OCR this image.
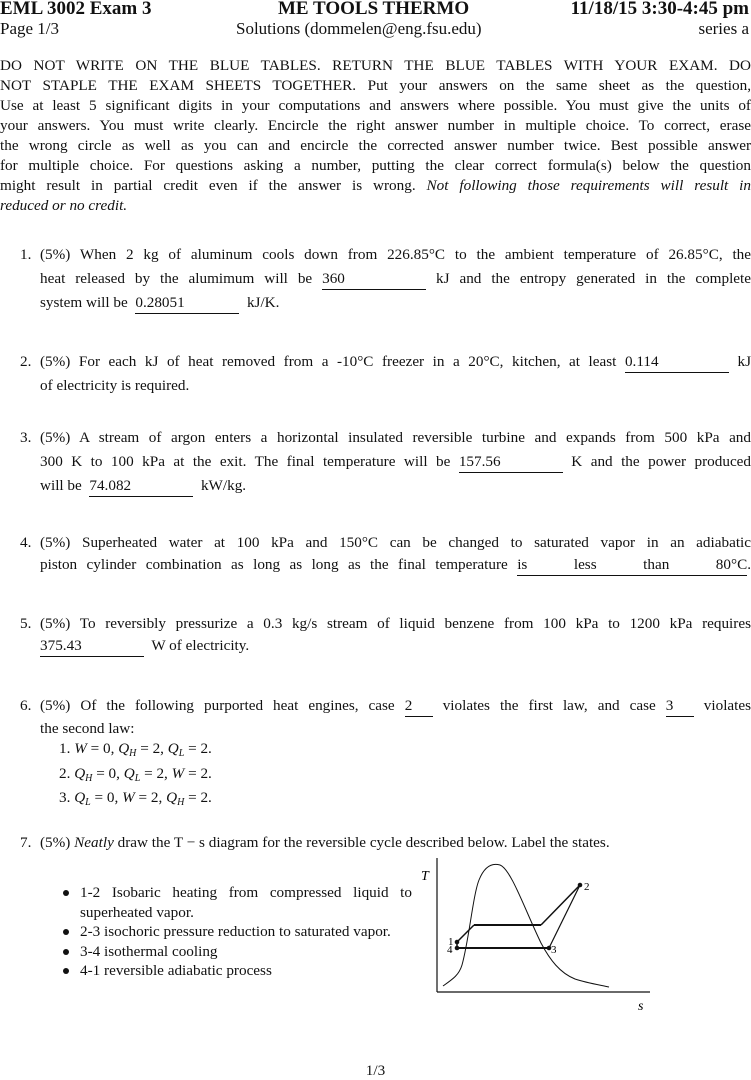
EML 3002 Exam 3	ME TOOLS THERMO	11/18/15 3:30-4:45 pm
Page 1/3	Solutions (dommelen@eng.fsu.edu)	series a
DO NOT WRITE ON THE BLUE TABLES. RETURN THE BLUE TABLES WITH YOUR EXAM. DO
NOT STAPLE THE EXAM SHEETS TOGETHER. Put your answers on the same sheet as the question,
Use at least 5 significant digits in your computations and answers where possible. You must give the units of
your answers. You must write clearly. Encircle the right answer number in multiple choice. To correct, erase
the wrong circle as well as you can and encircle the corrected answer number twice. Best possible answer
for multiple choice. For questions asking a number, putting the clear correct formula(s) below the question
might result in partial credit even if the answer is wrong. Not following those requirements will result in
reduced or no credit.
1. (5%) When 2 kg of aluminum cools down from 226.85°C to the ambient temperature of 26.85°C, the
heat released by the alumimum will be 360	kJ and the entropy generated in the complete
system will be 0.28051	kJ/K.
2. (5%) For each kJ of heat removed from a -10°C freezer in a 20°C, kitchen, at least 0.114	kJ
of electricity is required.
3. (5%) A stream of argon enters a horizontal insulated reversible turbine and expands from 500 kPa and
300 K to 100 kPa at the exit. The final temperature will be 157.56	K and the power produced
will be 74.082	kW/kg.
4. (5%) Superheated water at 100 kPa and 150°C can be changed to saturated vapor in an adiabatic
piston cylinder combination as long as long as the final temperature is less than 80°C.
5. (5%) To reversibly pressurize a 0.3 kg/s stream of liquid benzene from 100 kPa to 1200 kPa requires
375.43	W of electricity.
6. (5%) Of the following purported heat engines, case 2 violates the first law, and case 3 violates
the second law:
1. W = 0, $Q_H = 2$, $Q_L = 2$.
2. $Q_H = 0$, $Q_L = 2$, W = 2.
3. $Q_L = 0$, W = 2, $Q_H = 2$.
7. (5%) Neatly draw the T − s diagram for the reversible cycle described below. Label the states.
1-2 Isobaric heating from compressed liquid to superheated vapor.
2-3 isochoric pressure reduction to saturated vapor.
3-4 isothermal cooling
4-1 reversible adiabatic process
T
s
1
2
3
4
1/3
